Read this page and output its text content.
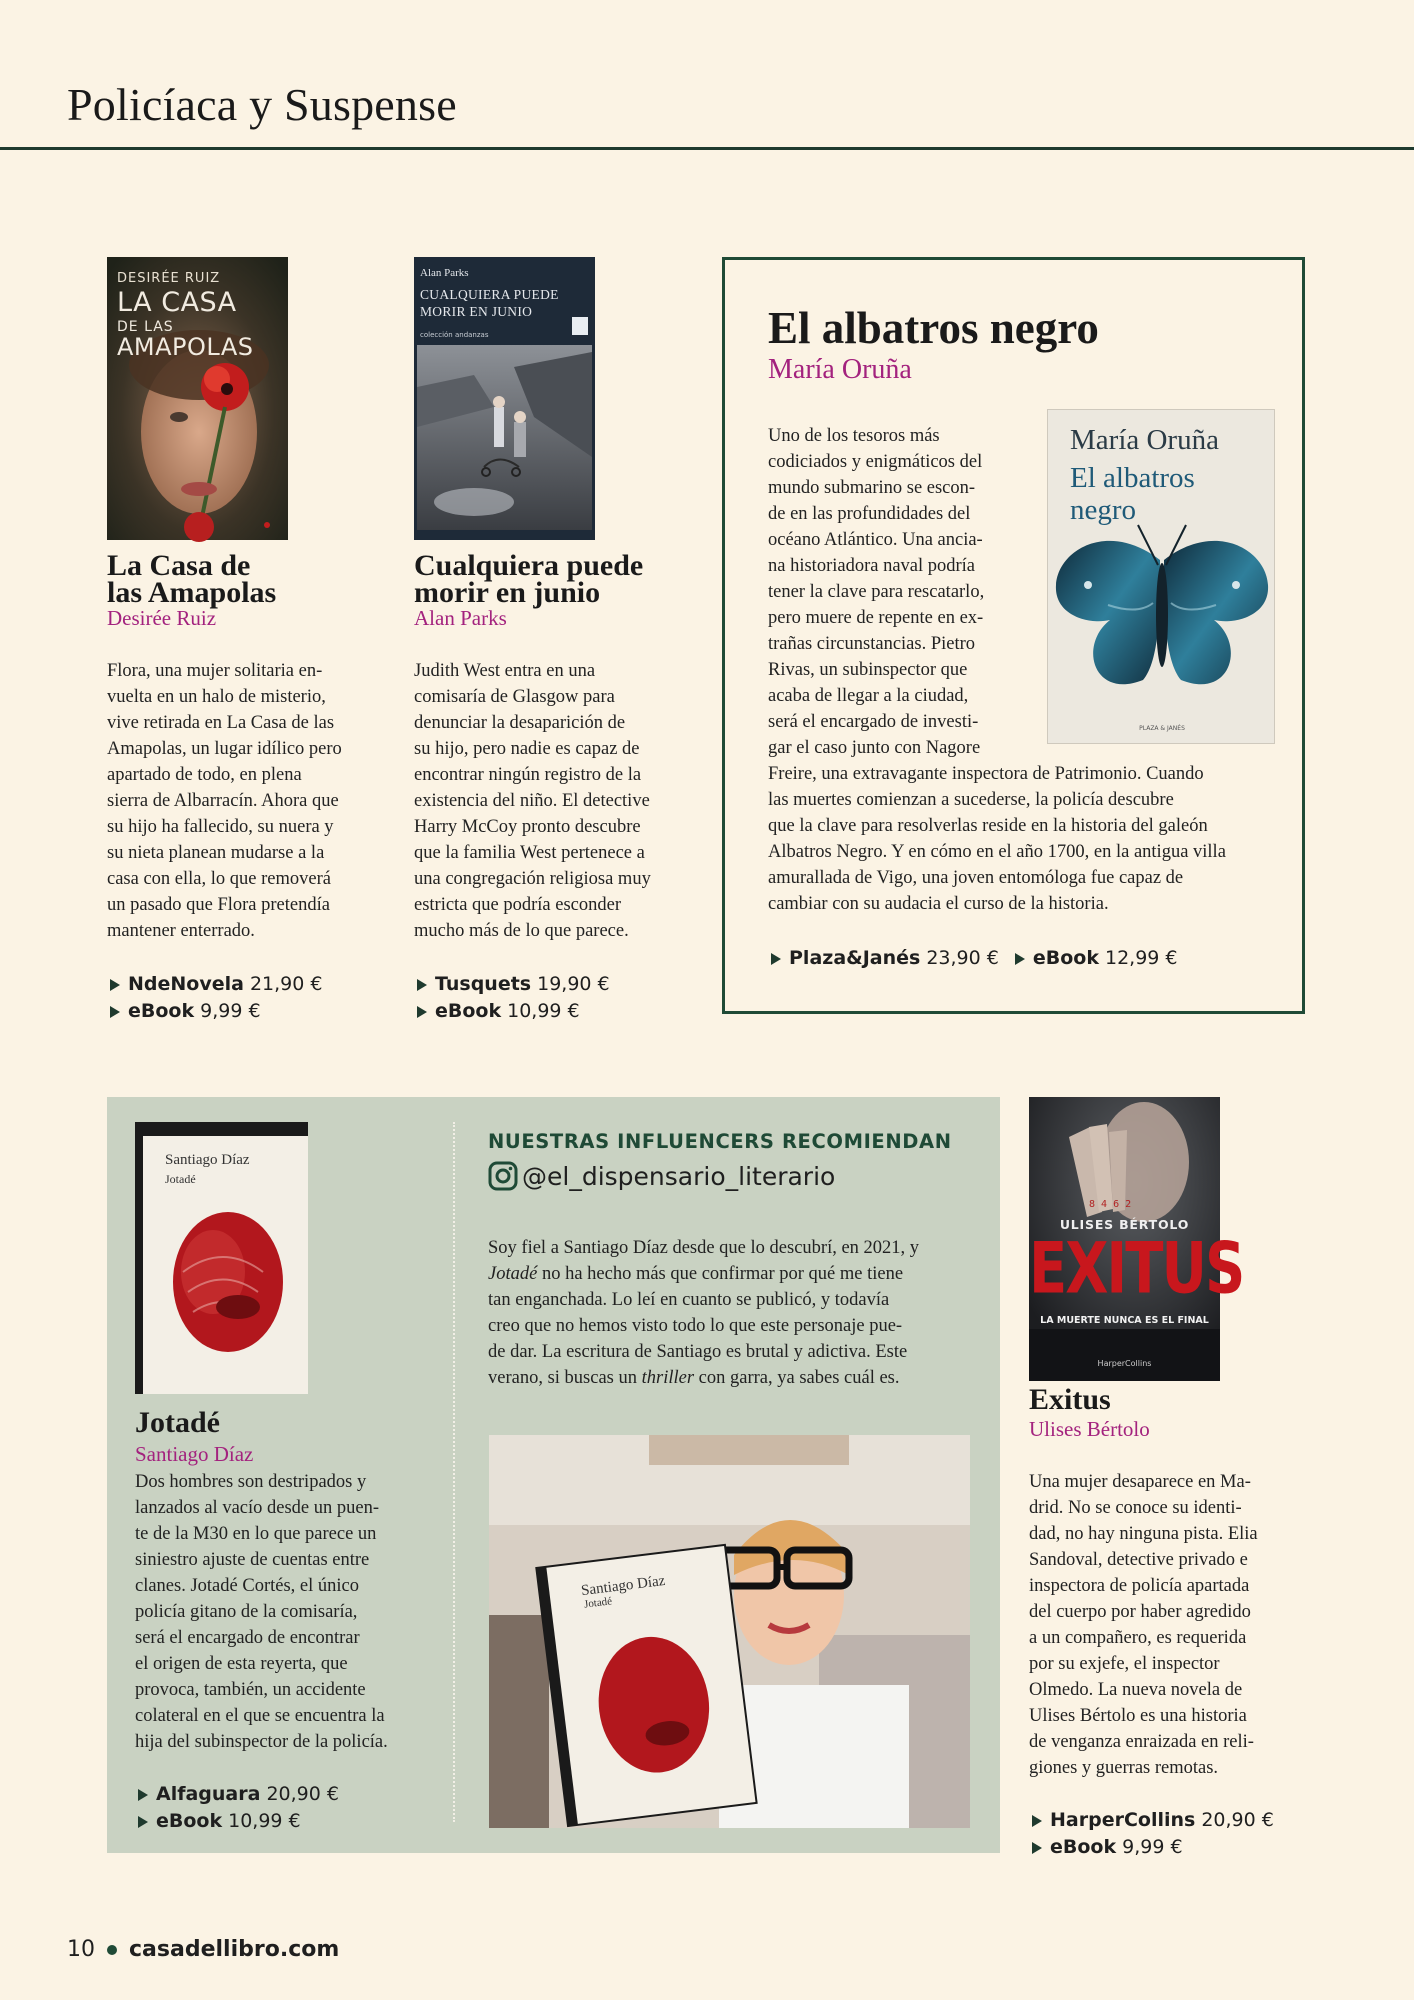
Policíaca y Suspense
DESIRÉE RUIZ
LA CASA
DE LAS
AMAPOLAS
La Casa de
las Amapolas
Desirée Ruiz
Flora, una mujer solitaria en-
vuelta en un halo de misterio,
vive retirada en La Casa de las
Amapolas, un lugar idílico pero
apartado de todo, en plena
sierra de Albarracín. Ahora que
su hijo ha fallecido, su nuera y
su nieta planean mudarse a la
casa con ella, lo que removerá
un pasado que Flora pretendía
mantener enterrado.
NdeNovela 21,90 €
eBook 9,99 €
Alan Parks
CUALQUIERA PUEDE
MORIR EN JUNIO
colección andanzas
Cualquiera puede
morir en junio
Alan Parks
Judith West entra en una
comisaría de Glasgow para
denunciar la desaparición de
su hijo, pero nadie es capaz de
encontrar ningún registro de la
existencia del niño. El detective
Harry McCoy pronto descubre
que la familia West pertenece a
una congregación religiosa muy
estricta que podría esconder
mucho más de lo que parece.
Tusquets 19,90 €
eBook 10,99 €
El albatros negro
María Oruña
María Oruña
El albatros
negro
PLAZA & JANÉS
Uno de los tesoros más
codiciados y enigmáticos del
mundo submarino se escon-
de en las profundidades del
océano Atlántico. Una ancia-
na historiadora naval podría
tener la clave para rescatarlo,
pero muere de repente en ex-
trañas circunstancias. Pietro
Rivas, un subinspector que
acaba de llegar a la ciudad,
será el encargado de investi-
gar el caso junto con Nagore
Freire, una extravagante inspectora de Patrimonio. Cuando
las muertes comienzan a sucederse, la policía descubre
que la clave para resolverlas reside en la historia del galeón
Albatros Negro. Y en cómo en el año 1700, en la antigua villa
amurallada de Vigo, una joven entomóloga fue capaz de
cambiar con su audacia el curso de la historia.
Plaza&Janés 23,90 € eBook 12,99 €
Santiago Díaz
Jotadé
Jotadé
Santiago Díaz
Dos hombres son destripados y
lanzados al vacío desde un puen-
te de la M30 en lo que parece un
siniestro ajuste de cuentas entre
clanes. Jotadé Cortés, el único
policía gitano de la comisaría,
será el encargado de encontrar
el origen de esta reyerta, que
provoca, también, un accidente
colateral en el que se encuentra la
hija del subinspector de la policía.
Alfaguara 20,90 €
eBook 10,99 €
NUESTRAS INFLUENCERS RECOMIENDAN
@el_dispensario_literario
Soy fiel a Santiago Díaz desde que lo descubrí, en 2021, y
Jotadé no ha hecho más que confirmar por qué me tiene
tan enganchada. Lo leí en cuanto se publicó, y todavía
creo que no hemos visto todo lo que este personaje pue-
de dar. La escritura de Santiago es brutal y adictiva. Este
verano, si buscas un thriller con garra, ya sabes cuál es.
Santiago Díaz
Jotadé
8 4 6 2
ULISES BÉRTOLO
EXITUS
LA MUERTE NUNCA ES EL FINAL
HarperCollins
Exitus
Ulises Bértolo
Una mujer desaparece en Ma-
drid. No se conoce su identi-
dad, no hay ninguna pista. Elia
Sandoval, detective privado e
inspectora de policía apartada
del cuerpo por haber agredido
a un compañero, es requerida
por su exjefe, el inspector
Olmedo. La nueva novela de
Ulises Bértolo es una historia
de venganza enraizada en reli-
giones y guerras remotas.
HarperCollins 20,90 €
eBook 9,99 €
10 casadellibro.com
